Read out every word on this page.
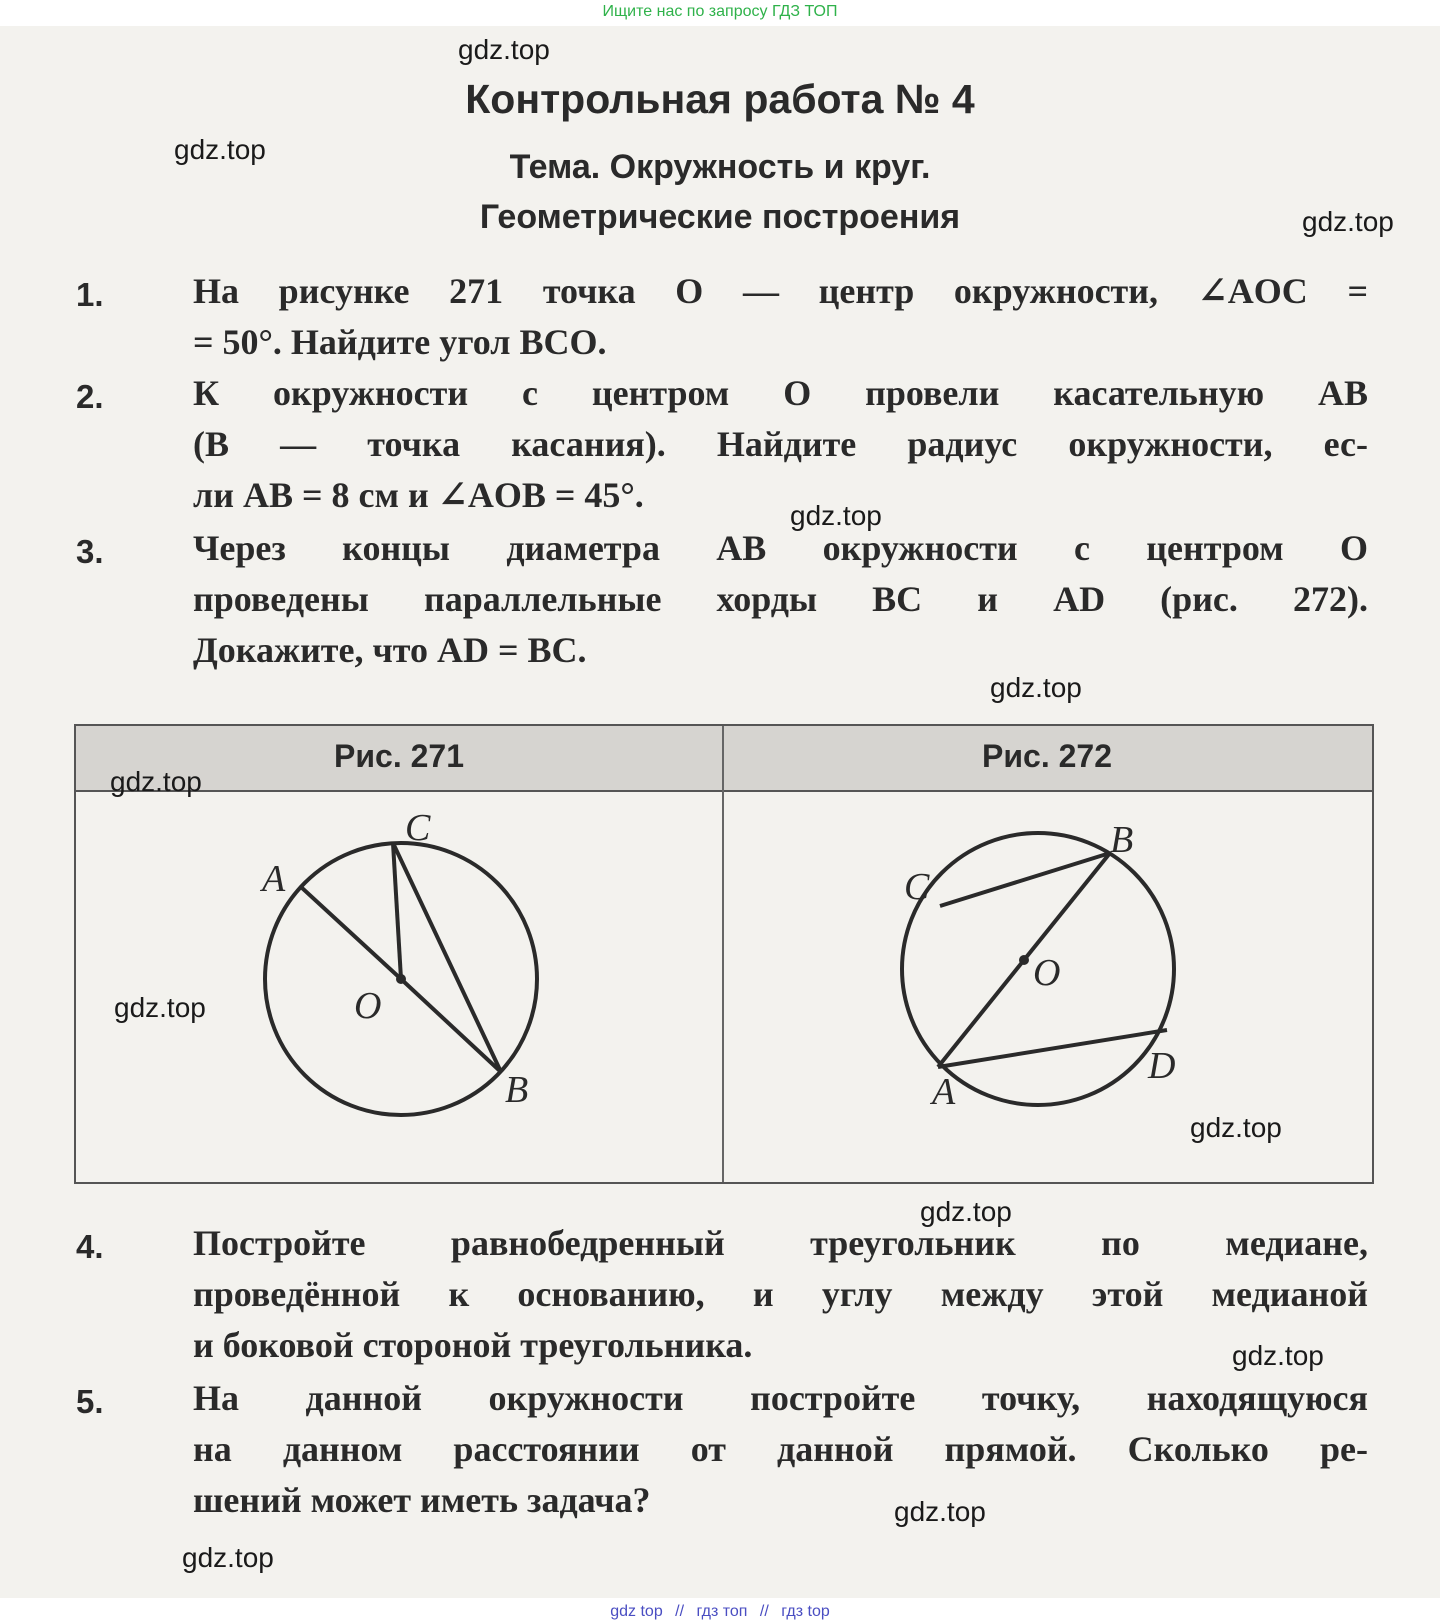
Ищите нас по запросу ГДЗ ТОП
Контрольная работа № 4
Тема. Окружность и круг.
Геометрические построения
1. На рисунке 271 точка O — центр окружности, ∠AOC =
= 50°. Найдите угол BCO.
2. К окружности с центром O провели касательную AB
(B — точка касания). Найдите радиус окружности, ес-
ли AB = 8 см и ∠AOB = 45°.
3. Через концы диаметра AB окружности с центром O
проведены параллельные хорды BC и AD (рис. 272).
Докажите, что AD = BC.
Рис. 271	Рис. 272
A
C
O
B
C
B
O
D
A
4. Постройте равнобедренный треугольник по медиане,
проведённой к основанию, и углу между этой медианой
и боковой стороной треугольника.
5. На данной окружности постройте точку, находящуюся
на данном расстоянии от данной прямой. Сколько ре-
шений может иметь задача?
gdz.top
gdz.top
gdz.top
gdz.top
gdz.top
gdz.top
gdz.top
gdz.top
gdz.top
gdz.top
gdz.top
gdz.top
gdz top // гдз топ // гдз top
